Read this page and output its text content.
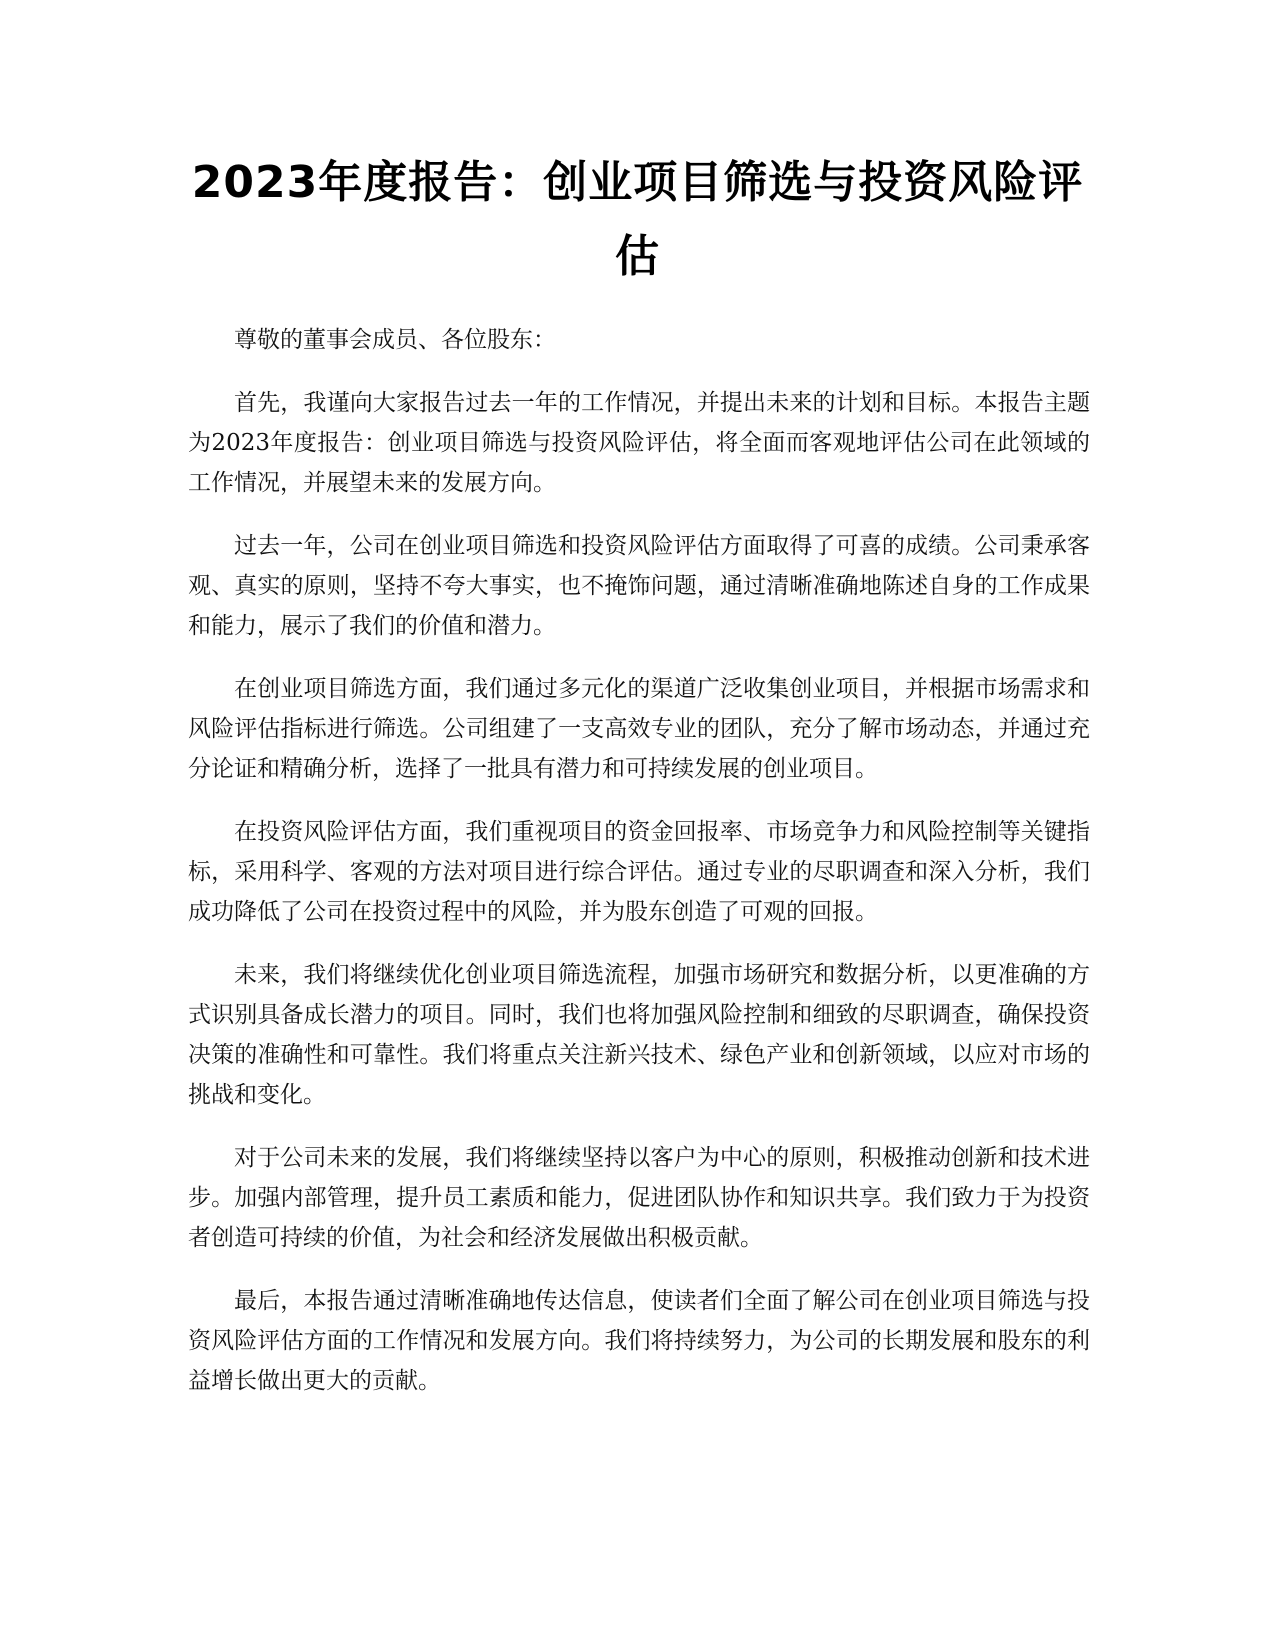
2023年度报告：创业项目筛选与投资风险评估

尊敬的董事会成员、各位股东：

首先，我谨向大家报告过去一年的工作情况，并提出未来的计划和目标。本报告主题为2023年度报告：创业项目筛选与投资风险评估，将全面而客观地评估公司在此领域的工作情况，并展望未来的发展方向。

过去一年，公司在创业项目筛选和投资风险评估方面取得了可喜的成绩。公司秉承客观、真实的原则，坚持不夸大事实，也不掩饰问题，通过清晰准确地陈述自身的工作成果和能力，展示了我们的价值和潜力。

在创业项目筛选方面，我们通过多元化的渠道广泛收集创业项目，并根据市场需求和风险评估指标进行筛选。公司组建了一支高效专业的团队，充分了解市场动态，并通过充分论证和精确分析，选择了一批具有潜力和可持续发展的创业项目。

在投资风险评估方面，我们重视项目的资金回报率、市场竞争力和风险控制等关键指标，采用科学、客观的方法对项目进行综合评估。通过专业的尽职调查和深入分析，我们成功降低了公司在投资过程中的风险，并为股东创造了可观的回报。

未来，我们将继续优化创业项目筛选流程，加强市场研究和数据分析，以更准确的方式识别具备成长潜力的项目。同时，我们也将加强风险控制和细致的尽职调查，确保投资决策的准确性和可靠性。我们将重点关注新兴技术、绿色产业和创新领域，以应对市场的挑战和变化。

对于公司未来的发展，我们将继续坚持以客户为中心的原则，积极推动创新和技术进步。加强内部管理，提升员工素质和能力，促进团队协作和知识共享。我们致力于为投资者创造可持续的价值，为社会和经济发展做出积极贡献。

最后，本报告通过清晰准确地传达信息，使读者们全面了解公司在创业项目筛选与投资风险评估方面的工作情况和发展方向。我们将持续努力，为公司的长期发展和股东的利益增长做出更大的贡献。
